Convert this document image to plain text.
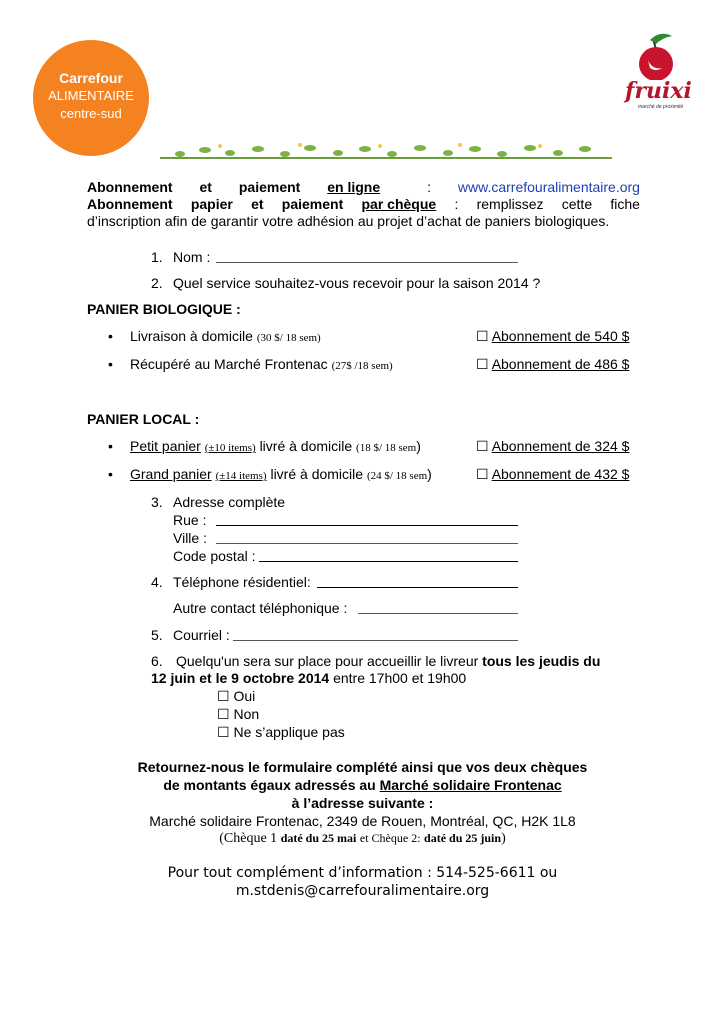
Carrefour
ALIMENTAIRE
centre-sud
fruixi
marché de proximité
Abonnement et paiement en ligne	: www.carrefouralimentaire.org
Abonnement papier et paiement par chèque : remplissez cette fiche
d’inscription afin de garantir votre adhésion au projet d’achat de paniers biologiques.
1. Nom :
2. Quel service souhaitez-vous recevoir pour la saison 2014 ?
PANIER BIOLOGIQUE :
• Livraison à domicile (30 $/ 18 sem)	☐ Abonnement de 540 $
• Récupéré au Marché Frontenac (27$ /18 sem)	☐ Abonnement de 486 $
PANIER LOCAL :
• Petit panier (±10 items) livré à domicile (18 $/ 18 sem)	☐ Abonnement de 324 $
• Grand panier (±14 items) livré à domicile (24 $/ 18 sem)	☐ Abonnement de 432 $
3. Adresse complète
Rue :
Ville :
Code postal :
4. Téléphone résidentiel:
Autre contact téléphonique :
5. Courriel :
6. Quelqu'un sera sur place pour accueillir le livreur tous les jeudis du
12 juin et le 9 octobre 2014 entre 17h00 et 19h00
☐ Oui
☐ Non
☐ Ne s’applique pas
Retournez-nous le formulaire complété ainsi que vos deux chèques
de montants égaux adressés au Marché solidaire Frontenac
à l’adresse suivante :
Marché solidaire Frontenac, 2349 de Rouen, Montréal, QC, H2K 1L8
(Chèque 1 daté du 25 mai et Chèque 2: daté du 25 juin)
Pour tout complément d’information : 514-525-6611 ou
m.stdenis@carrefouralimentaire.org
